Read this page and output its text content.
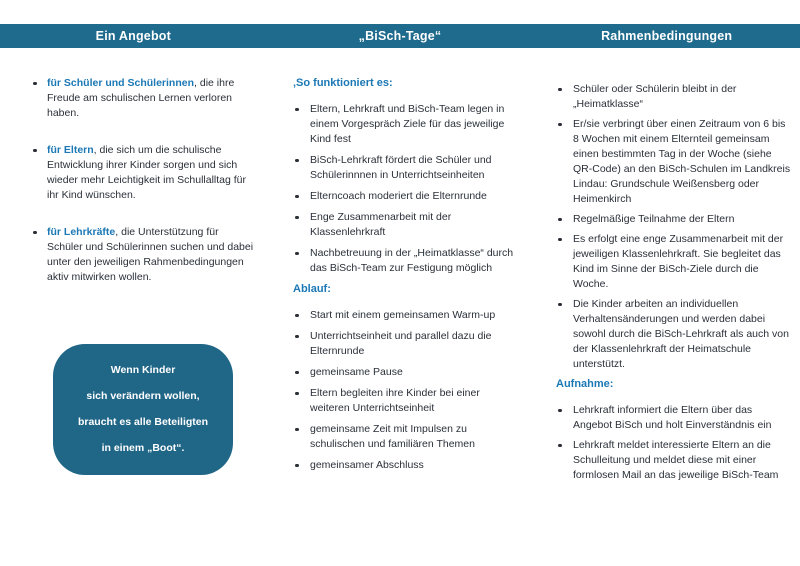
Ein Angebot	„BiSch-Tage“	Rahmenbedingungen
für Schüler und Schülerinnen, die ihre Freude am schulischen Lernen verloren haben.
für Eltern, die sich um die schulische Entwicklung ihrer Kinder sorgen und sich wieder mehr Leichtigkeit im Schullalltag für ihr Kind wünschen.
für Lehrkräfte, die Unterstützung für Schüler und Schülerinnen suchen und dabei unter den jeweiligen Rahmenbedingungen aktiv mitwirken wollen.
Wenn Kinder
sich verändern wollen,
braucht es alle Beteiligten
in einem „Boot“.
‚So funktioniert es:
Eltern, Lehrkraft und BiSch-Team legen in einem Vorgespräch Ziele für das jeweilige Kind fest
BiSch-Lehrkraft fördert die Schüler und Schülerinnnen in Unterrichtseinheiten
Elterncoach moderiert die Elternrunde
Enge Zusammenarbeit mit der Klassenlehrkraft
Nachbetreuung in der „Heimatklasse“ durch das BiSch-Team zur Festigung möglich
Ablauf:
Start mit einem gemeinsamen Warm-up
Unterrichtseinheit und parallel dazu die Elternrunde
gemeinsame Pause
Eltern begleiten ihre Kinder bei einer weiteren Unterrichtseinheit
gemeinsame Zeit mit Impulsen zu schulischen und familiären Themen
gemeinsamer Abschluss
Schüler oder Schülerin bleibt in der „Heimatklasse“
Er/sie verbringt über einen Zeitraum von 6 bis 8 Wochen mit einem Elternteil gemeinsam einen bestimmten Tag in der Woche (siehe QR-Code) an den BiSch-Schulen im Landkreis Lindau: Grundschule Weißensberg oder Heimenkirch
Regelmäßige Teilnahme der Eltern
Es erfolgt eine enge Zusammenarbeit mit der jeweiligen Klassenlehrkraft. Sie begleitet das Kind im Sinne der BiSch-Ziele durch die Woche.
Die Kinder arbeiten an individuellen Verhaltensänderungen und werden dabei sowohl durch die BiSch-Lehrkraft als auch von der Klassenlehrkraft der Heimatschule unterstützt.
Aufnahme:
Lehrkraft informiert die Eltern über das Angebot BiSch und holt Einverständnis ein
Lehrkraft meldet interessierte Eltern an die Schulleitung und meldet diese mit einer formlosen Mail an das jeweilige BiSch-Team
